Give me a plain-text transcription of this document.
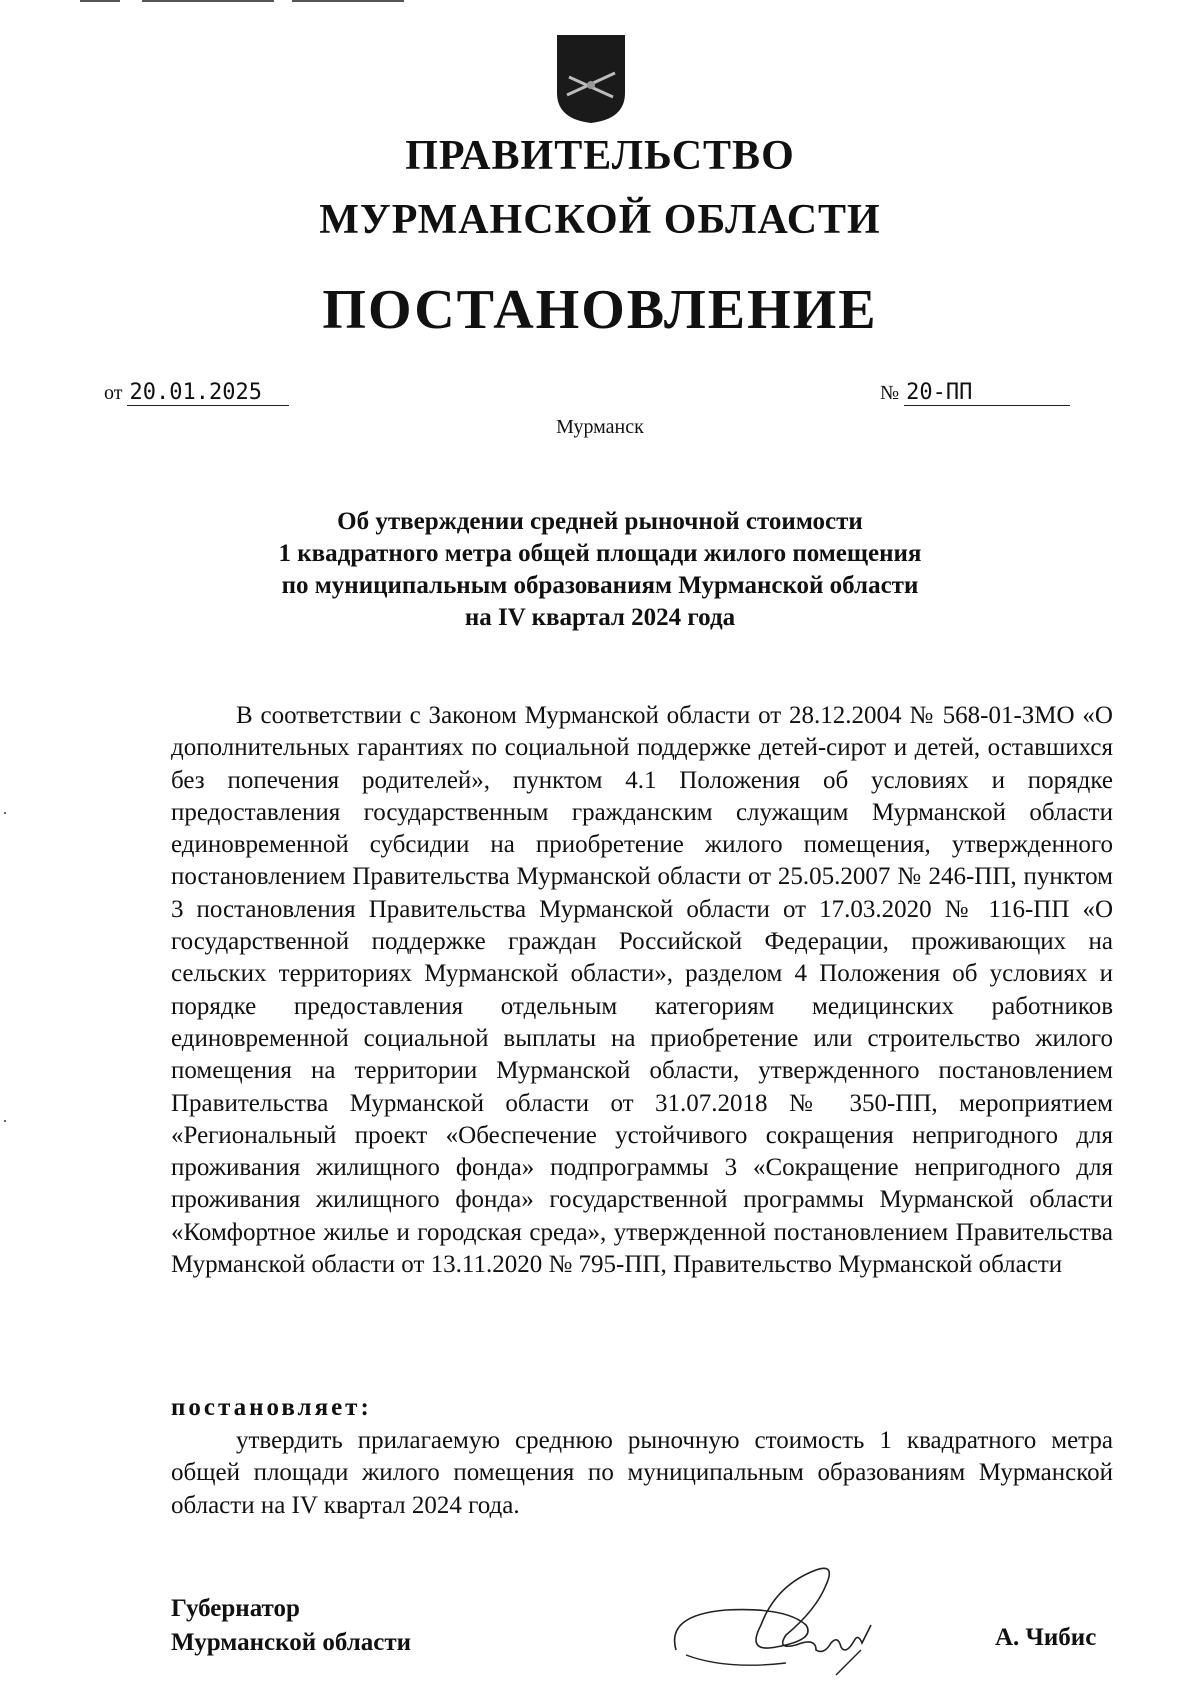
ПРАВИТЕЛЬСТВО
МУРМАНСКОЙ ОБЛАСТИ
ПОСТАНОВЛЕНИЕ
от 20.01.2025	№ 20-ПП
Мурманск
Об утверждении средней рыночной стоимости
1 квадратного метра общей площади жилого помещения
по муниципальным образованиям Мурманской области
на IV квартал 2024 года

В соответствии с Законом Мурманской области от 28.12.2004 № 568-01-ЗМО «О дополнительных гарантиях по социальной поддержке детей-сирот и детей, оставшихся без попечения родителей», пунктом 4.1 Положения об условиях и порядке предоставления государственным гражданским служащим Мурманской области единовременной субсидии на приобретение жилого помещения, утвержденного постановлением Правительства Мурманской области от 25.05.2007 № 246-ПП, пунктом 3 постановления Правительства Мурманской области от 17.03.2020 № 116-ПП «О государственной поддержке граждан Российской Федерации, проживающих на сельских территориях Мурманской области», разделом 4 Положения об условиях и порядке предоставления отдельным категориям медицинских работников единовременной социальной выплаты на приобретение или строительство жилого помещения на территории Мурманской области, утвержденного постановлением Правительства Мурманской области от 31.07.2018 № 350-ПП, мероприятием «Региональный проект «Обеспечение устойчивого сокращения непригодного для проживания жилищного фонда» подпрограммы 3 «Сокращение непригодного для проживания жилищного фонда» государственной программы Мурманской области «Комфортное жилье и городская среда», утвержденной постановлением Правительства Мурманской области от 13.11.2020 № 795-ПП, Правительство Мурманской области

постановляет:

утвердить прилагаемую среднюю рыночную стоимость 1 квадратного метра общей площади жилого помещения по муниципальным образованиям Мурманской области на IV квартал 2024 года.

Губернатор
Мурманской области	А. Чибис
